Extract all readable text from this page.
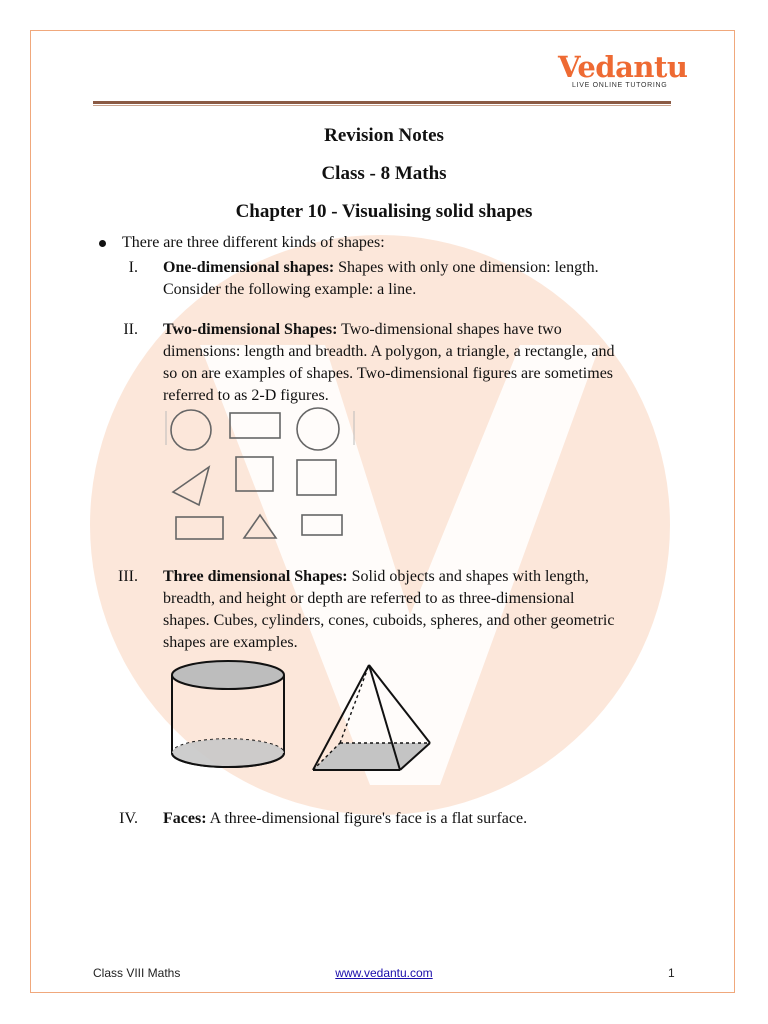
Vedantu
LIVE ONLINE TUTORING
Revision Notes
Class - 8 Maths
Chapter 10 - Visualising solid shapes
There are three different kinds of shapes:
I. One-dimensional shapes: Shapes with only one dimension: length.
Consider the following example: a line.
II. Two-dimensional Shapes: Two-dimensional shapes have two
dimensions: length and breadth. A polygon, a triangle, a rectangle, and
so on are examples of shapes. Two-dimensional figures are sometimes
referred to as 2-D figures.
III. Three dimensional Shapes: Solid objects and shapes with length,
breadth, and height or depth are referred to as three-dimensional
shapes. Cubes, cylinders, cones, cuboids, spheres, and other geometric
shapes are examples.
IV. Faces: A three-dimensional figure's face is a flat surface.
Class VIII Maths	www.vedantu.com	1
